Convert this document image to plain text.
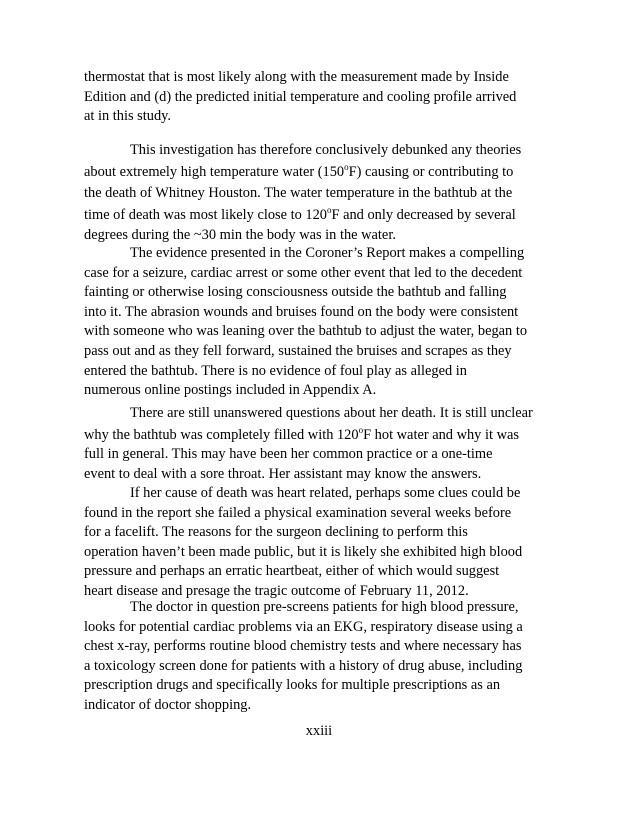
thermostat that is most likely along with the measurement made by Inside
Edition and (d) the predicted initial temperature and cooling profile arrived
at in this study.
This investigation has therefore conclusively debunked any theories
about extremely high temperature water (150$^o$F) causing or contributing to
the death of Whitney Houston. The water temperature in the bathtub at the
time of death was most likely close to 120$^o$F and only decreased by several
degrees during the ~30 min the body was in the water.
The evidence presented in the Coroner’s Report makes a compelling
case for a seizure, cardiac arrest or some other event that led to the decedent
fainting or otherwise losing consciousness outside the bathtub and falling
into it. The abrasion wounds and bruises found on the body were consistent
with someone who was leaning over the bathtub to adjust the water, began to
pass out and as they fell forward, sustained the bruises and scrapes as they
entered the bathtub. There is no evidence of foul play as alleged in
numerous online postings included in Appendix A.
There are still unanswered questions about her death. It is still unclear
why the bathtub was completely filled with 120$^o$F hot water and why it was
full in general. This may have been her common practice or a one-time
event to deal with a sore throat. Her assistant may know the answers.
If her cause of death was heart related, perhaps some clues could be
found in the report she failed a physical examination several weeks before
for a facelift. The reasons for the surgeon declining to perform this
operation haven’t been made public, but it is likely she exhibited high blood
pressure and perhaps an erratic heartbeat, either of which would suggest
heart disease and presage the tragic outcome of February 11, 2012.
The doctor in question pre-screens patients for high blood pressure,
looks for potential cardiac problems via an EKG, respiratory disease using a
chest x-ray, performs routine blood chemistry tests and where necessary has
a toxicology screen done for patients with a history of drug abuse, including
prescription drugs and specifically looks for multiple prescriptions as an
indicator of doctor shopping.
xxiii
